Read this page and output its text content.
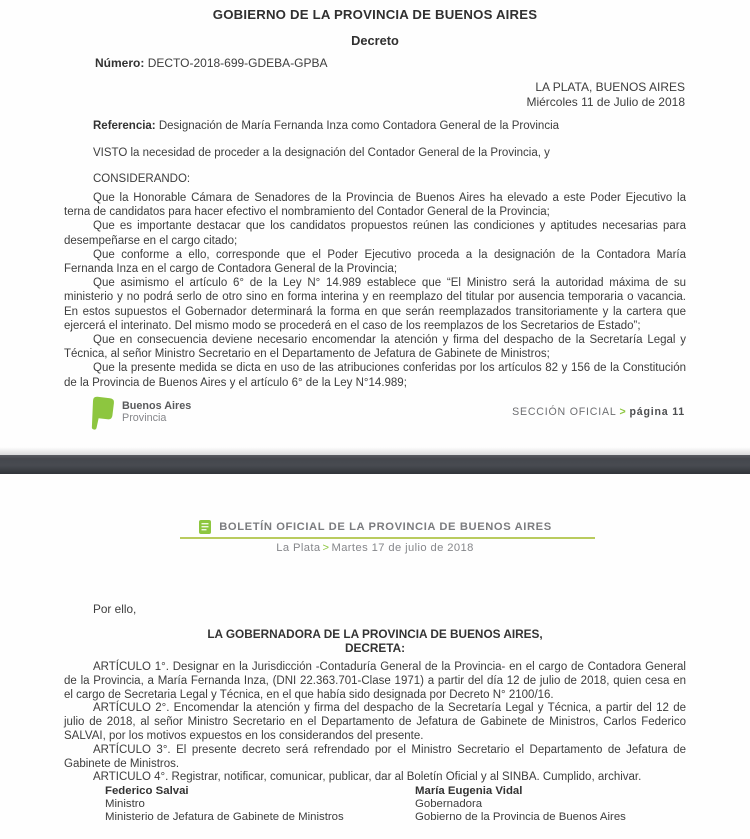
GOBIERNO DE LA PROVINCIA DE BUENOS AIRES
Decreto

Número: DECTO-2018-699-GDEBA-GPBA

LA PLATA, BUENOS AIRES
Miércoles 11 de Julio de 2018

Referencia: Designación de María Fernanda Inza como Contadora General de la Provincia

VISTO la necesidad de proceder a la designación del Contador General de la Provincia, y

CONSIDERANDO:

Que la Honorable Cámara de Senadores de la Provincia de Buenos Aires ha elevado a este Poder Ejecutivo la terna de candidatos para hacer efectivo el nombramiento del Contador General de la Provincia;

Que es importante destacar que los candidatos propuestos reúnen las condiciones y aptitudes necesarias para desempeñarse en el cargo citado;

Que conforme a ello, corresponde que el Poder Ejecutivo proceda a la designación de la Contadora María Fernanda Inza en el cargo de Contadora General de la Provincia;

Que asimismo el artículo 6° de la Ley N° 14.989 establece que “El Ministro será la autoridad máxima de su ministerio y no podrá serlo de otro sino en forma interina y en reemplazo del titular por ausencia temporaria o vacancia. En estos supuestos el Gobernador determinará la forma en que serán reemplazados transitoriamente y la cartera que ejercerá el interinato. Del mismo modo se procederá en el caso de los reemplazos de los Secretarios de Estado”;

Que en consecuencia deviene necesario encomendar la atención y firma del despacho de la Secretaría Legal y Técnica, al señor Ministro Secretario en el Departamento de Jefatura de Gabinete de Ministros;

Que la presente medida se dicta en uso de las atribuciones conferidas por los artículos 82 y 156 de la Constitución de la Provincia de Buenos Aires y el artículo 6° de la Ley N°14.989;

Buenos Aires
Provincia	SECCIÓN OFICIAL > página 11
BOLETÍN OFICIAL DE LA PROVINCIA DE BUENOS AIRES
La Plata > Martes 17 de julio de 2018

Por ello,

LA GOBERNADORA DE LA PROVINCIA DE BUENOS AIRES,
DECRETA:

ARTÍCULO 1°. Designar en la Jurisdicción -Contaduría General de la Provincia- en el cargo de Contadora General de la Provincia, a María Fernanda Inza, (DNI 22.363.701-Clase 1971) a partir del día 12 de julio de 2018, quien cesa en el cargo de Secretaria Legal y Técnica, en el que había sido designada por Decreto N° 2100/16.

ARTÍCULO 2°. Encomendar la atención y firma del despacho de la Secretaría Legal y Técnica, a partir del 12 de julio de 2018, al señor Ministro Secretario en el Departamento de Jefatura de Gabinete de Ministros, Carlos Federico SALVAI, por los motivos expuestos en los considerandos del presente.

ARTÍCULO 3°. El presente decreto será refrendado por el Ministro Secretario el Departamento de Jefatura de Gabinete de Ministros.

ARTICULO 4°. Registrar, notificar, comunicar, publicar, dar al Boletín Oficial y al SINBA. Cumplido, archivar.

Federico Salvai
Ministro
Ministerio de Jefatura de Gabinete de Ministros
María Eugenia Vidal
Gobernadora
Gobierno de la Provincia de Buenos Aires
